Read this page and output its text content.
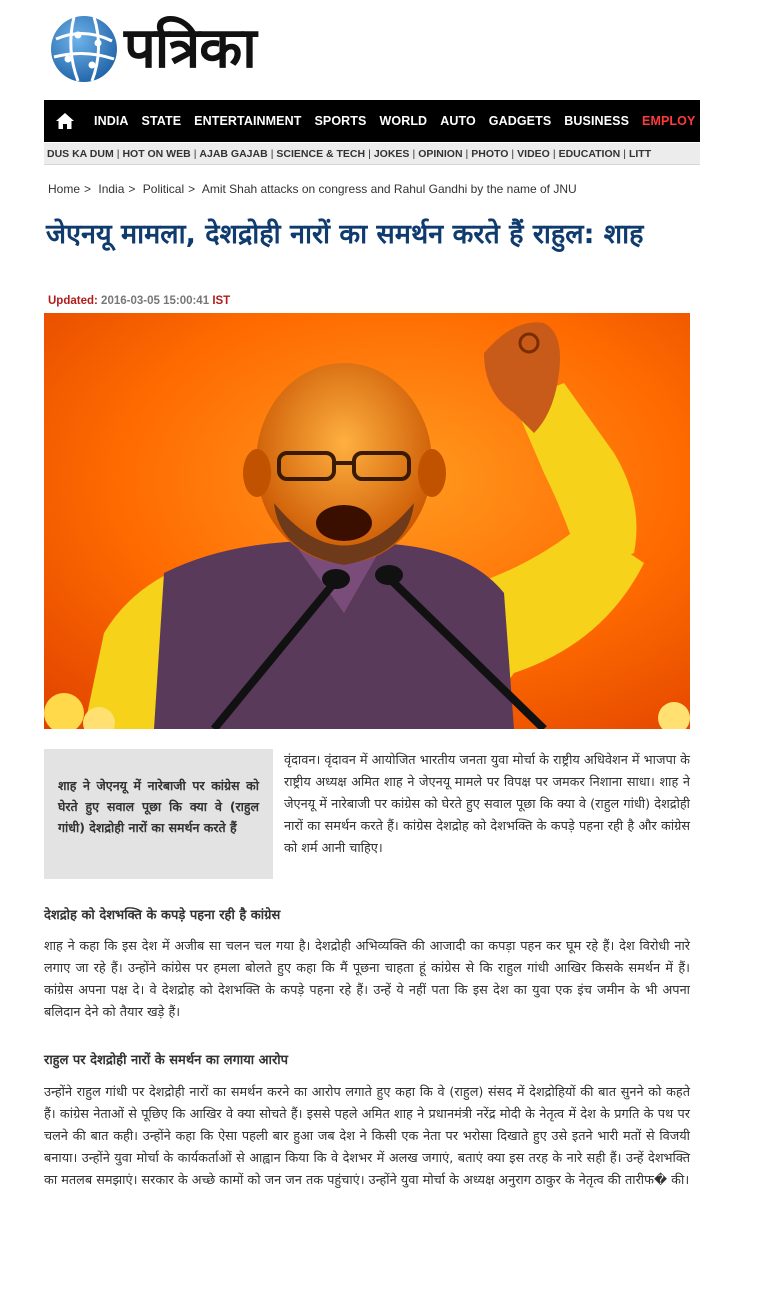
पत्रिका
INDIA STATE ENTERTAINMENT SPORTS WORLD AUTO GADGETS BUSINESS EMPLOY
DUS KA DUM | HOT ON WEB | AJAB GAJAB | SCIENCE & TECH | JOKES | OPINION | PHOTO | VIDEO | EDUCATION | LITT
Home > India > Political > Amit Shah attacks on congress and Rahul Gandhi by the name of JNU
जेएनयू मामला, देशद्रोही नारों का समर्थन करते हैं राहुल: शाह
Updated: 2016-03-05 15:00:41 IST
शाह ने जेएनयू में नारेबाजी पर कांग्रेस को घेरते हुए सवाल पूछा कि क्या वे (राहुल गांधी) देशद्रोही नारों का समर्थन करते हैं

वृंदावन। वृंदावन में आयोजित भारतीय जनता युवा मोर्चा के राष्ट्रीय अधिवेशन में भाजपा के राष्ट्रीय अध्यक्ष अमित शाह ने जेएनयू मामले पर विपक्ष पर जमकर निशाना साधा। शाह ने जेएनयू में नारेबाजी पर कांग्रेस को घेरते हुए सवाल पूछा कि क्या वे (राहुल गांधी) देशद्रोही नारों का समर्थन करते हैं। कांग्रेस देशद्रोह को देशभक्ति के कपड़े पहना रही है और कांग्रेस को शर्म आनी चाहिए।

देशद्रोह को देशभक्ति के कपड़े पहना रही है कांग्रेस

शाह ने कहा कि इस देश में अजीब सा चलन चल गया है। देशद्रोही अभिव्यक्ति की आजादी का कपड़ा पहन कर घूम रहे हैं। देश विरोधी नारे लगाए जा रहे हैं। उन्होंने कांग्रेस पर हमला बोलते हुए कहा कि मैं पूछना चाहता हूं कांग्रेस से कि राहुल गांधी आखिर किसके समर्थन में हैं। कांग्रेस अपना पक्ष दे। वे देशद्रोह को देशभक्ति के कपड़े पहना रहे हैं। उन्हें ये नहीं पता कि इस देश का युवा एक इंच जमीन के भी अपना बलिदान देने को तैयार खड़े हैं।

राहुल पर देशद्रोही नारों के समर्थन का लगाया आरोप

उन्होंने राहुल गांधी पर देशद्रोही नारों का समर्थन करने का आरोप लगाते हुए कहा कि वे (राहुल) संसद में देशद्रोहियों की बात सुनने को कहते हैं। कांग्रेस नेताओं से पूछिए कि आखिर वे क्या सोचते हैं। इससे पहले अमित शाह ने प्रधानमंत्री नरेंद्र मोदी के नेतृत्व में देश के प्रगति के पथ पर चलने की बात कही। उन्होंने कहा कि ऐसा पहली बार हुआ जब देश ने किसी एक नेता पर भरोसा दिखाते हुए उसे इतने भारी मतों से विजयी बनाया। उन्होंने युवा मोर्चा के कार्यकर्ताओं से आह्वान किया कि वे देशभर में अलख जगाएं, बताएं क्या इस तरह के नारे सही हैं। उन्हें देशभक्ति का मतलब समझाएं। सरकार के अच्छे कामों को जन जन तक पहुंचाएं। उन्होंने युवा मोर्चा के अध्यक्ष अनुराग ठाकुर के नेतृत्व की तारीफ� की।
